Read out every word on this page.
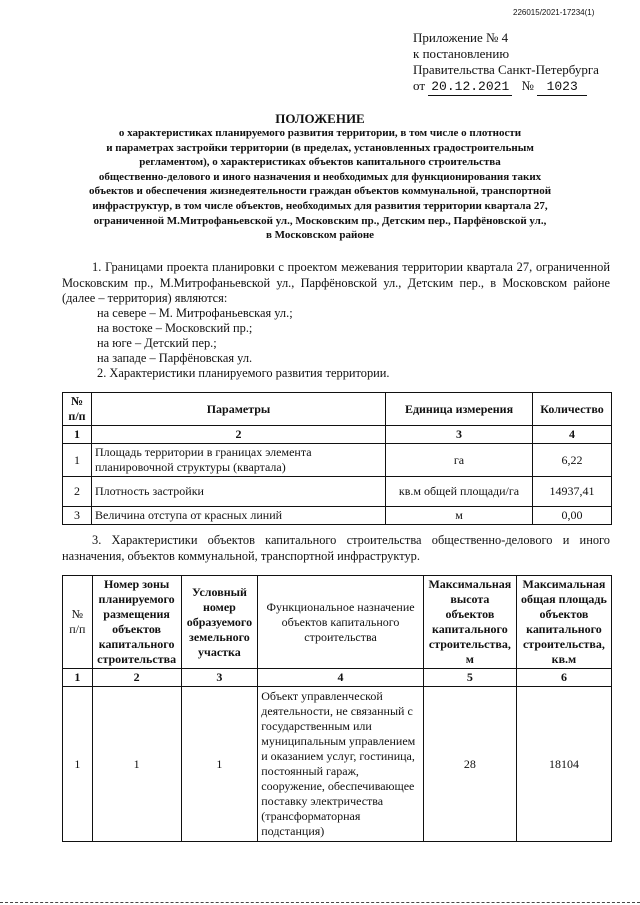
226015/2021-17234(1)
Приложение № 4
к постановлению
Правительства Санкт-Петербурга
от 20.12.2021 № 1023
ПОЛОЖЕНИЕ
о характеристиках планируемого развития территории, в том числе о плотности
и параметрах застройки территории (в пределах, установленных градостроительным
регламентом), о характеристиках объектов капитального строительства
общественно-делового и иного назначения и необходимых для функционирования таких
объектов и обеспечения жизнедеятельности граждан объектов коммунальной, транспортной
инфраструктур, в том числе объектов, необходимых для развития территории квартала 27,
ограниченной М.Митрофаньевской ул., Московским пр., Детским пер., Парфёновской ул.,
в Московском районе
1. Границами проекта планировки с проектом межевания территории квартала 27, ограниченной Московским пр., М.Митрофаньевской ул., Парфёновской ул., Детским пер., в Московском районе (далее – территория) являются:
на севере – М. Митрофаньевская ул.;
на востоке – Московский пр.;
на юге – Детский пер.;
на западе – Парфёновская ул.
2. Характеристики планируемого развития территории.
№ п/п	Параметры	Единица измерения	Количество
1	2	3	4
1	Площадь территории в границах элемента планировочной структуры (квартала)	га	6,22
2	Плотность застройки	кв.м общей площади/га	14937,41
3	Величина отступа от красных линий	м	0,00
3. Характеристики объектов капитального строительства общественно-делового и иного назначения, объектов коммунальной, транспортной инфраструктур.
№ п/п	Номер зоны планируемого размещения объектов капитального строительства	Условный номер образуемого земельного участка	Функциональное назначение объектов капитального строительства	Максимальная высота объектов капитального строительства, м	Максимальная общая площадь объектов капитального строительства, кв.м
1	2	3	4	5	6
1	1	1	Объект управленческой деятельности, не связанный с государственным или муниципальным управлением и оказанием услуг, гостиница, постоянный гараж, сооружение, обеспечивающее поставку электричества (трансформаторная подстанция)	28	18104
